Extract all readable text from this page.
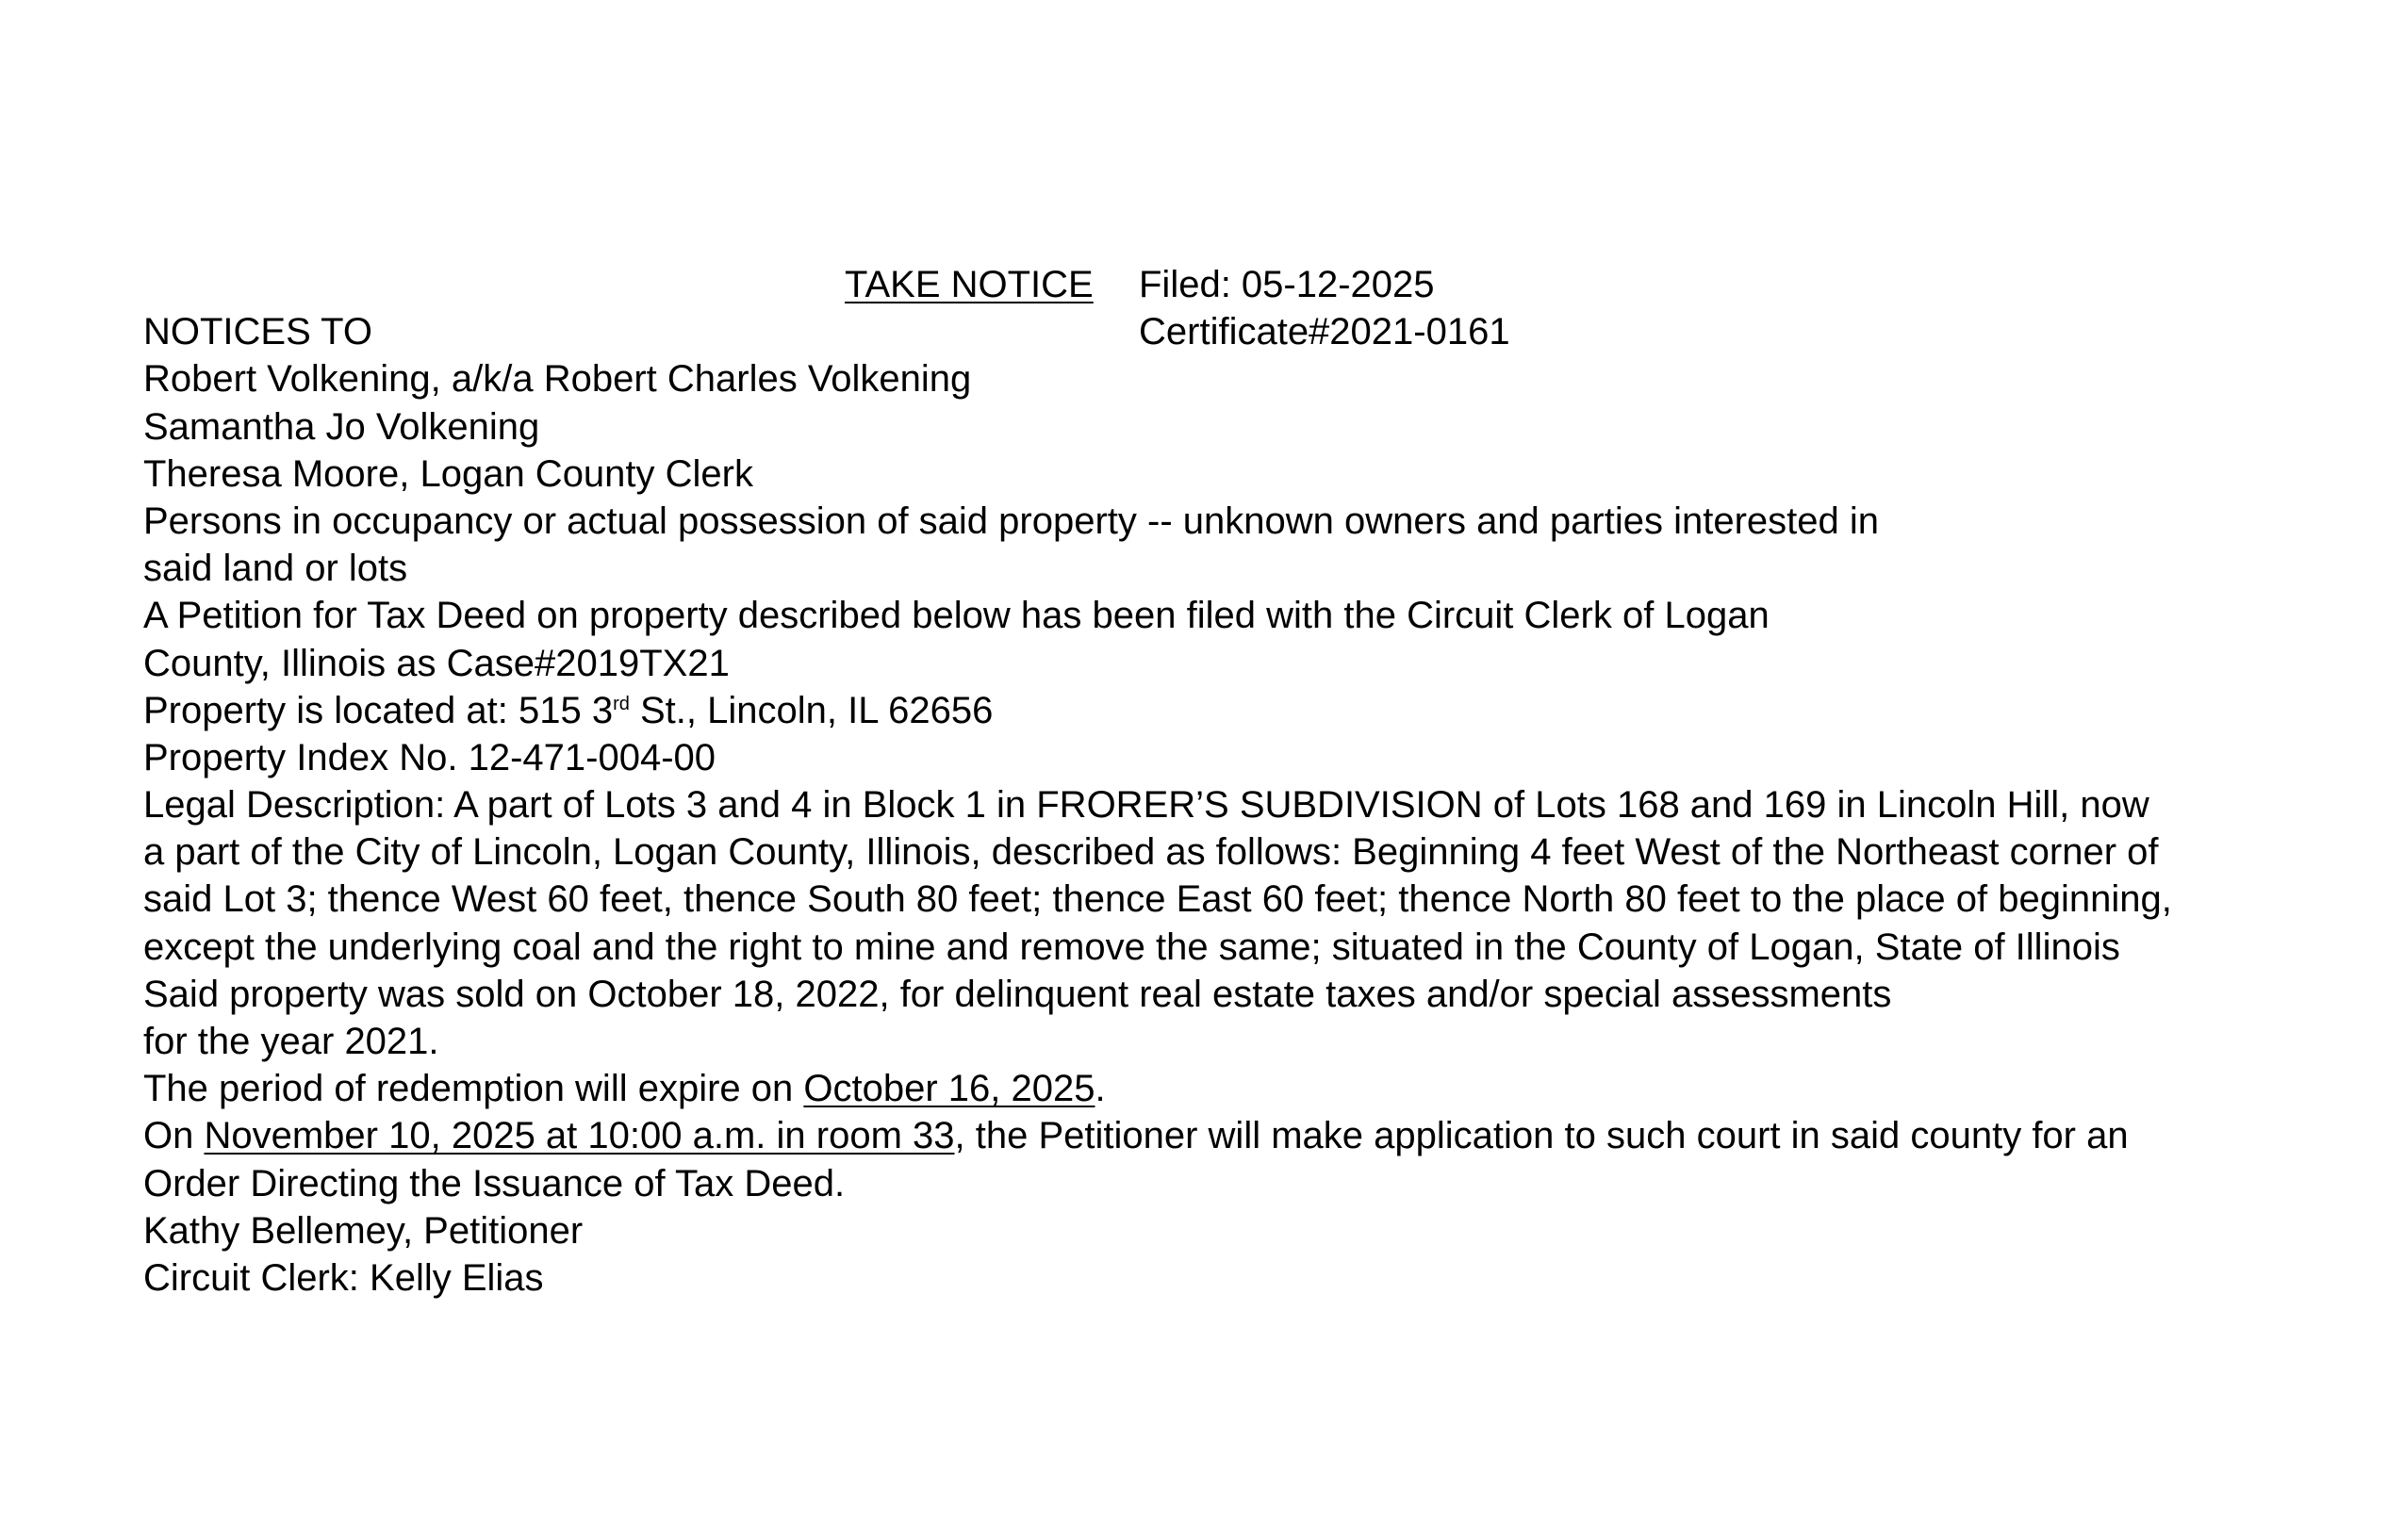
TAKE NOTICE Filed: 05-12-2025
NOTICES TO	Certificate#2021-0161
Robert Volkening, a/k/a Robert Charles Volkening
Samantha Jo Volkening
Theresa Moore, Logan County Clerk
Persons in occupancy or actual possession of said property -- unknown owners and parties interested in
said land or lots
A Petition for Tax Deed on property described below has been filed with the Circuit Clerk of Logan
County, Illinois as Case#2019TX21
Property is located at: 515 3rd St., Lincoln, IL 62656
Property Index No. 12-471-004-00
Legal Description: A part of Lots 3 and 4 in Block 1 in FRORER’S SUBDIVISION of Lots 168 and 169 in Lincoln Hill, now
a part of the City of Lincoln, Logan County, Illinois, described as follows: Beginning 4 feet West of the Northeast corner of
said Lot 3; thence West 60 feet, thence South 80 feet; thence East 60 feet; thence North 80 feet to the place of beginning,
except the underlying coal and the right to mine and remove the same; situated in the County of Logan, State of Illinois
Said property was sold on October 18, 2022, for delinquent real estate taxes and/or special assessments
for the year 2021.
The period of redemption will expire on October 16, 2025.
On November 10, 2025 at 10:00 a.m. in room 33, the Petitioner will make application to such court in said county for an
Order Directing the Issuance of Tax Deed.
Kathy Bellemey, Petitioner
Circuit Clerk: Kelly Elias
